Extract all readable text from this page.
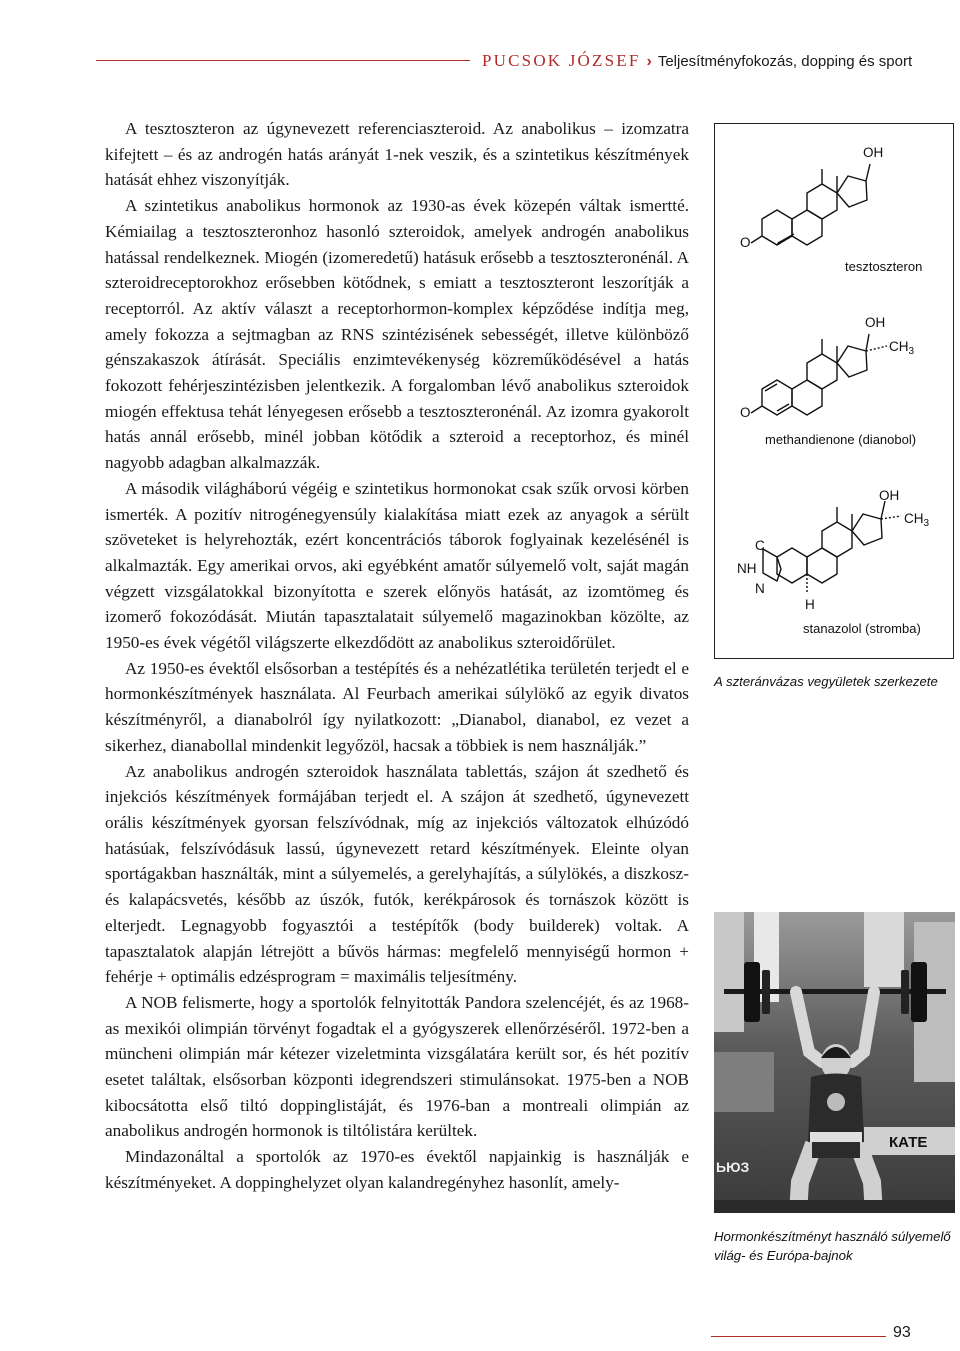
PUCSOK JÓZSEF › Teljesítményfokozás, dopping és sport

A tesztoszteron az úgynevezett referenciaszteroid. Az anabolikus – izomzatra kifejtett – és az androgén hatás arányát 1-nek veszik, és a szintetikus készítmények hatását ehhez viszonyítják.

A szintetikus anabolikus hormonok az 1930-as évek közepén váltak ismertté. Kémiailag a tesztoszteronhoz hasonló szteroidok, amelyek androgén anabolikus hatással rendelkeznek. Miogén (izomeredetű) hatásuk erősebb a tesztoszteronénál. A szteroidreceptorokhoz erősebben kötődnek, s emiatt a tesztoszteront leszorítják a receptorról. Az aktív választ a receptorhormon-komplex képződése indítja meg, amely fokozza a sejtmagban az RNS szintézisének sebességét, illetve különböző génszakaszok átírását. Speciális enzimtevékenység közreműködésével a hatás fokozott fehérjeszintézisben jelentkezik. A forgalomban lévő anabolikus szteroidok miogén effektusa tehát lényegesen erősebb a tesztoszteronénál. Az izomra gyakorolt hatás annál erősebb, minél jobban kötődik a szteroid a receptorhoz, és minél nagyobb adagban alkalmazzák.

A második világháború végéig e szintetikus hormonokat csak szűk orvosi körben ismerték. A pozitív nitrogénegyensúly kialakítása miatt ezek az anyagok a sérült szöveteket is helyrehozták, ezért koncentrációs táborok foglyainak kezelésénél is alkalmazták. Egy amerikai orvos, aki egyébként amatőr súlyemelő volt, saját magán végzett vizsgálatokkal bizonyította e szerek előnyös hatását, az izomtömeg és izomerő fokozódását. Miután tapasztalatait súlyemelő magazinokban közölte, az 1950-es évek végétől világszerte elkezdődött az anabolikus szteroidőrület.

Az 1950-es évektől elsősorban a testépítés és a nehézatlétika területén terjedt el e hormonkészítmények használata. Al Feurbach amerikai súlylökő az egyik divatos készítményről, a dianabolról így nyilatkozott: „Dianabol, dianabol, ez vezet a sikerhez, dianabollal mindenkit legyőzöl, hacsak a többiek is nem használják.”

Az anabolikus androgén szteroidok használata tablettás, szájon át szedhető és injekciós készítmények formájában terjedt el. A szájon át szedhető, úgynevezett orális készítmények gyorsan felszívódnak, míg az injekciós változatok elhúzódó hatásúak, felszívódásuk lassú, úgynevezett retard készítmények. Eleinte olyan sportágakban használták, mint a súlyemelés, a gerelyhajítás, a súlylökés, a diszkosz- és kalapácsvetés, később az úszók, futók, kerékpárosok és tornászok között is elterjedt. Legnagyobb fogyasztói a testépítők (body builderek) voltak. A tapasztalatok alapján létrejött a bűvös hármas: megfelelő mennyiségű hormon + fehérje + optimális edzésprogram = maximális teljesítmény.

A NOB felismerte, hogy a sportolók felnyitották Pandora szelencéjét, és az 1968-as mexikói olimpián törvényt fogadtak el a gyógyszerek ellenőrzéséről. 1972-ben a müncheni olimpián már kétezer vizeletminta vizsgálatára került sor, és hét pozitív esetet találtak, elsősorban központi idegrendszeri stimulánsokat. 1975-ben a NOB kibocsátotta első tiltó doppinglistáját, és 1976-ban a montreali olimpián az anabolikus androgén hormonok is tiltólistára kerültek.

Mindazonáltal a sportolók az 1970-es évektől napjainkig is használják e készítményeket. A doppinghelyzet olyan kalandregényhez hasonlít, amely-

OH
O
tesztoszteron
OH
$CH_3$
O
methandienone (dianobol)
OH
$CH_3$
C
NH
N
H
stanazolol (stromba)
A szteránvázas vegyületek szerkezete
КАТЕ
ЬЮЗ
Hormonkészítményt használó súlyemelő világ- és Európa-bajnok
93
